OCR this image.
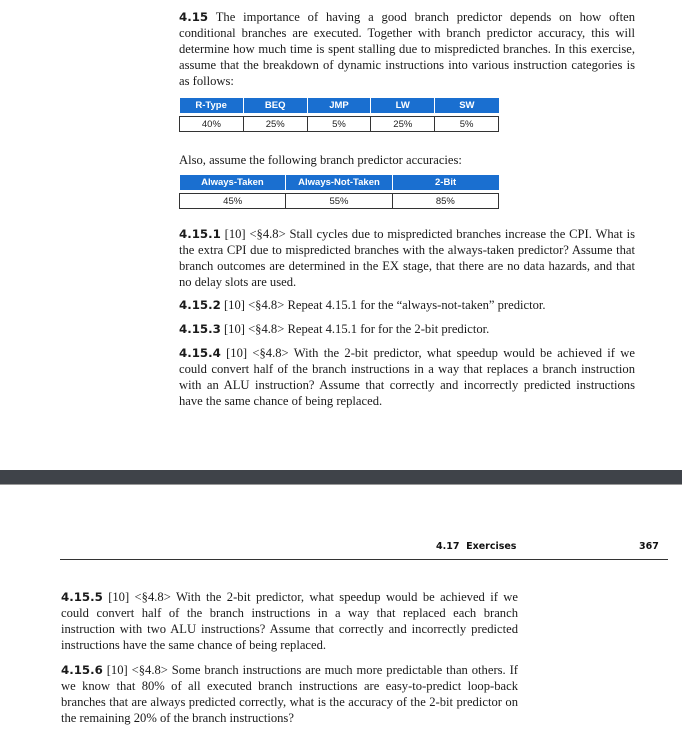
4.15 The importance of having a good branch predictor depends on how often conditional branches are executed. Together with branch predictor accuracy, this will determine how much time is spent stalling due to mispredicted branches. In this exercise, assume that the breakdown of dynamic instructions into various instruction categories is as follows:

R-Type	BEQ	JMP	LW	SW

40%	25%	5%	25%	5%

Also, assume the following branch predictor accuracies:

Always-Taken	Always-Not-Taken	2-Bit

45%	55%	85%

4.15.1 [10] <§4.8> Stall cycles due to mispredicted branches increase the CPI. What is the extra CPI due to mispredicted branches with the always-taken predictor? Assume that branch outcomes are determined in the EX stage, that there are no data hazards, and that no delay slots are used.

4.15.2 [10] <§4.8> Repeat 4.15.1 for the “always-not-taken” predictor.

4.15.3 [10] <§4.8> Repeat 4.15.1 for for the 2-bit predictor.

4.15.4 [10] <§4.8> With the 2-bit predictor, what speedup would be achieved if we could convert half of the branch instructions in a way that replaces a branch instruction with an ALU instruction? Assume that correctly and incorrectly predicted instructions have the same chance of being replaced.

4.17 Exercises	367

4.15.5 [10] <§4.8> With the 2-bit predictor, what speedup would be achieved if we could convert half of the branch instructions in a way that replaced each branch instruction with two ALU instructions? Assume that correctly and incorrectly predicted instructions have the same chance of being replaced.

4.15.6 [10] <§4.8> Some branch instructions are much more predictable than others. If we know that 80% of all executed branch instructions are easy-to-predict loop-back branches that are always predicted correctly, what is the accuracy of the 2-bit predictor on the remaining 20% of the branch instructions?
